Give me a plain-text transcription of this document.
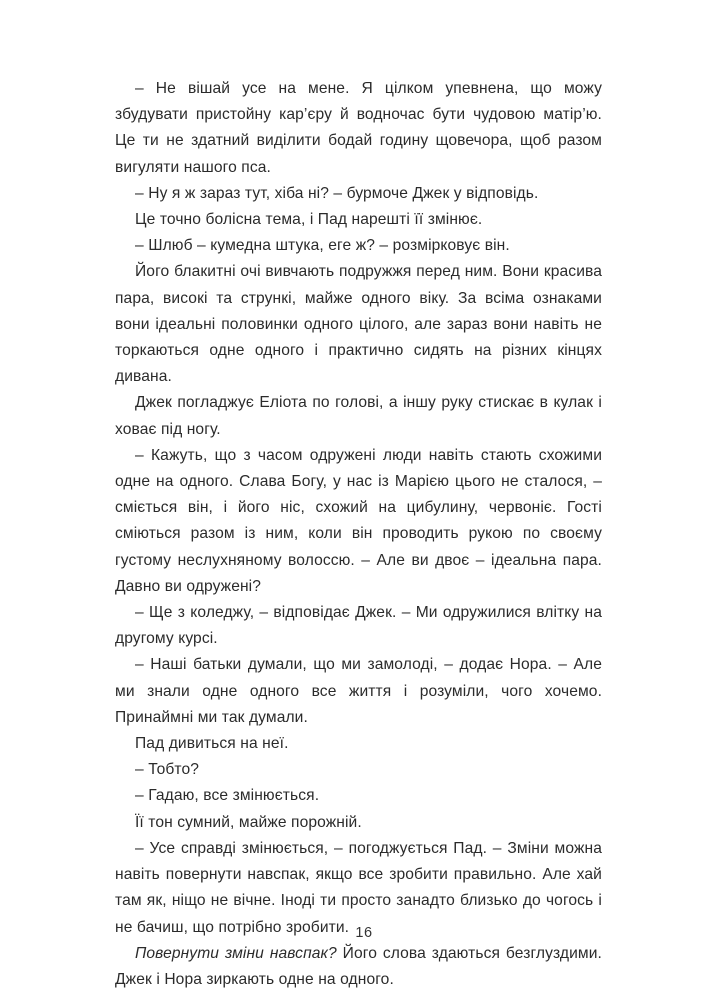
– Не вішай усе на мене. Я цілком упевнена, що можу збудувати пристойну кар’єру й водночас бути чудовою матір’ю. Це ти не здатний виділити бодай годину щовечора, щоб разом вигуляти нашого пса.

– Ну я ж зараз тут, хіба ні? – бурмоче Джек у відповідь.

Це точно болісна тема, і Пад нарешті її змінює.

– Шлюб – кумедна штука, еге ж? – розмірковує він.

Його блакитні очі вивчають подружжя перед ним. Вони красива пара, високі та стрункі, майже одного віку. За всіма ознаками вони ідеальні половинки одного цілого, але зараз вони навіть не торкаються одне одного і практично сидять на різних кінцях дивана.

Джек погладжує Еліота по голові, а іншу руку стискає в кулак і ховає під ногу.

– Кажуть, що з часом одружені люди навіть стають схожими одне на одного. Слава Богу, у нас із Марією цього не сталося, – сміється він, і його ніс, схожий на цибулину, червоніє. Гості сміються разом із ним, коли він проводить рукою по своєму густому неслухняному волоссю. – Але ви двоє – ідеальна пара. Давно ви одружені?

– Ще з коледжу, – відповідає Джек. – Ми одружилися влітку на другому курсі.

– Наші батьки думали, що ми замолоді, – додає Нора. – Але ми знали одне одного все життя і розуміли, чого хочемо. Принаймні ми так думали.

Пад дивиться на неї.

– Тобто?

– Гадаю, все змінюється.

Її тон сумний, майже порожній.

– Усе справді змінюється, – погоджується Пад. – Зміни можна навіть повернути навспак, якщо все зробити правильно. Але хай там як, ніщо не вічне. Іноді ти просто занадто близько до чогось і не бачиш, що потрібно зробити.

Повернути зміни навспак? Його слова здаються безглуздими. Джек і Нора зиркають одне на одного.

16
